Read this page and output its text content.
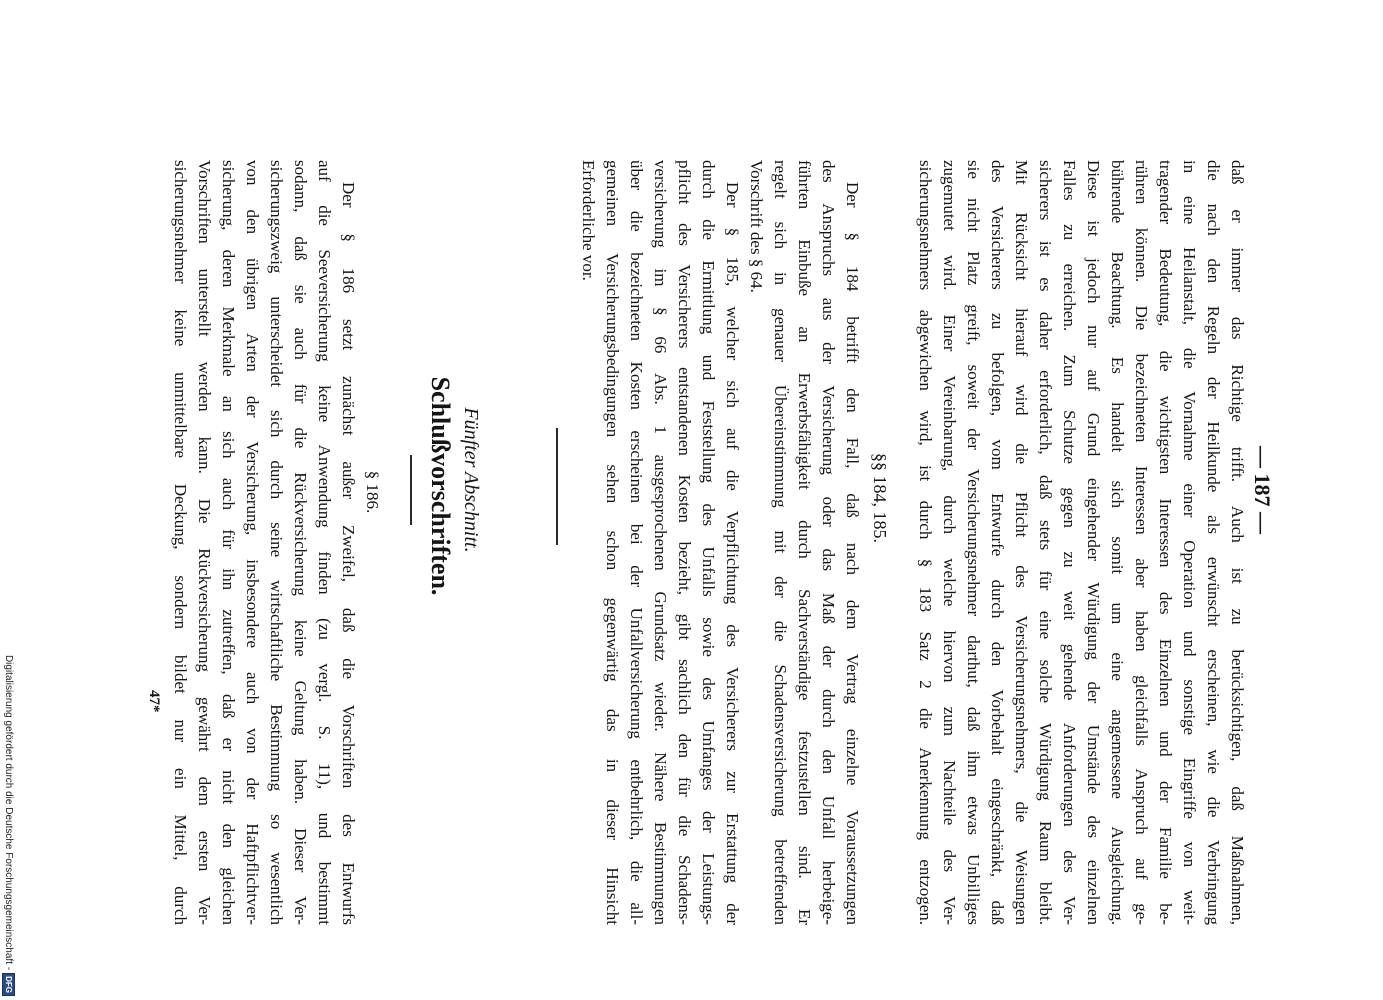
— 187 —
daß er immer das Richtige trifft. Auch ist zu berücksichtigen, daß Maßnahmen,
die nach den Regeln der Heilkunde als erwünscht erscheinen, wie die Verbringung
in eine Heilanstalt, die Vornahme einer Operation und sonstige Eingriffe von weit-
tragender Bedeutung, die wichtigsten Interessen des Einzelnen und der Familie be-
rühren können. Die bezeichneten Interessen aber haben gleichfalls Anspruch auf ge-
bührende Beachtung. Es handelt sich somit um eine angemessene Ausgleichung.
Diese ist jedoch nur auf Grund eingehender Würdigung der Umstände des einzelnen
Falles zu erreichen. Zum Schutze gegen zu weit gehende Anforderungen des Ver-
sicherers ist es daher erforderlich, daß stets für eine solche Würdigung Raum bleibt.
Mit Rücksicht hierauf wird die Pflicht des Versicherungsnehmers, die Weisungen
des Versicherers zu befolgen, vom Entwurfe durch den Vorbehalt eingeschränkt, daß
sie nicht Platz greift, soweit der Versicherungsnehmer darthut, daß ihm etwas Unbilliges
zugemutet wird. Einer Vereinbarung, durch welche hiervon zum Nachteile des Ver-
sicherungsnehmers abgewichen wird, ist durch § 183 Satz 2 die Anerkennung entzogen.
§§ 184, 185.
Der § 184 betrifft den Fall, daß nach dem Vertrag einzelne Voraussetzungen
des Anspruchs aus der Versicherung oder das Maß der durch den Unfall herbeige-
führten Einbuße an Erwerbsfähigkeit durch Sachverständige festzustellen sind. Er
regelt sich in genauer Übereinstimmung mit der die Schadensversicherung betreffenden
Vorschrift des § 64.
Der § 185, welcher sich auf die Verpflichtung des Versicherers zur Erstattung der
durch die Ermittlung und Feststellung des Unfalls sowie des Umfanges der Leistungs-
pflicht des Versicherers entstandenen Kosten bezieht, gibt sachlich den für die Schadens-
versicherung im § 66 Abs. 1 ausgesprochenen Grundsatz wieder. Nähere Bestimmungen
über die bezeichneten Kosten erscheinen bei der Unfallversicherung entbehrlich, die all-
gemeinen Versicherungsbedingungen sehen schon gegenwärtig das in dieser Hinsicht
Erforderliche vor.
Fünfter Abschnitt.
Schlußvorschriften.
§ 186.
Der § 186 setzt zunächst außer Zweifel, daß die Vorschriften des Entwurfs
auf die Seeversicherung keine Anwendung finden (zu vergl. S. 11), und bestimmt
sodann, daß sie auch für die Rückversicherung keine Geltung haben. Dieser Ver-
sicherungszweig unterscheidet sich durch seine wirtschaftliche Bestimmung so wesentlich
von den übrigen Arten der Versicherung, insbesondere auch von der Haftpflichtver-
sicherung, deren Merkmale an sich auch für ihn zutreffen, daß er nicht den gleichen
Vorschriften unterstellt werden kann. Die Rückversicherung gewährt dem ersten Ver-
sicherungsnehmer keine unmittelbare Deckung, sondern bildet nur ein Mittel, durch
47*
Digitalisierung gefördert durch die Deutsche Forschungsgemeinschaft -
DFG
